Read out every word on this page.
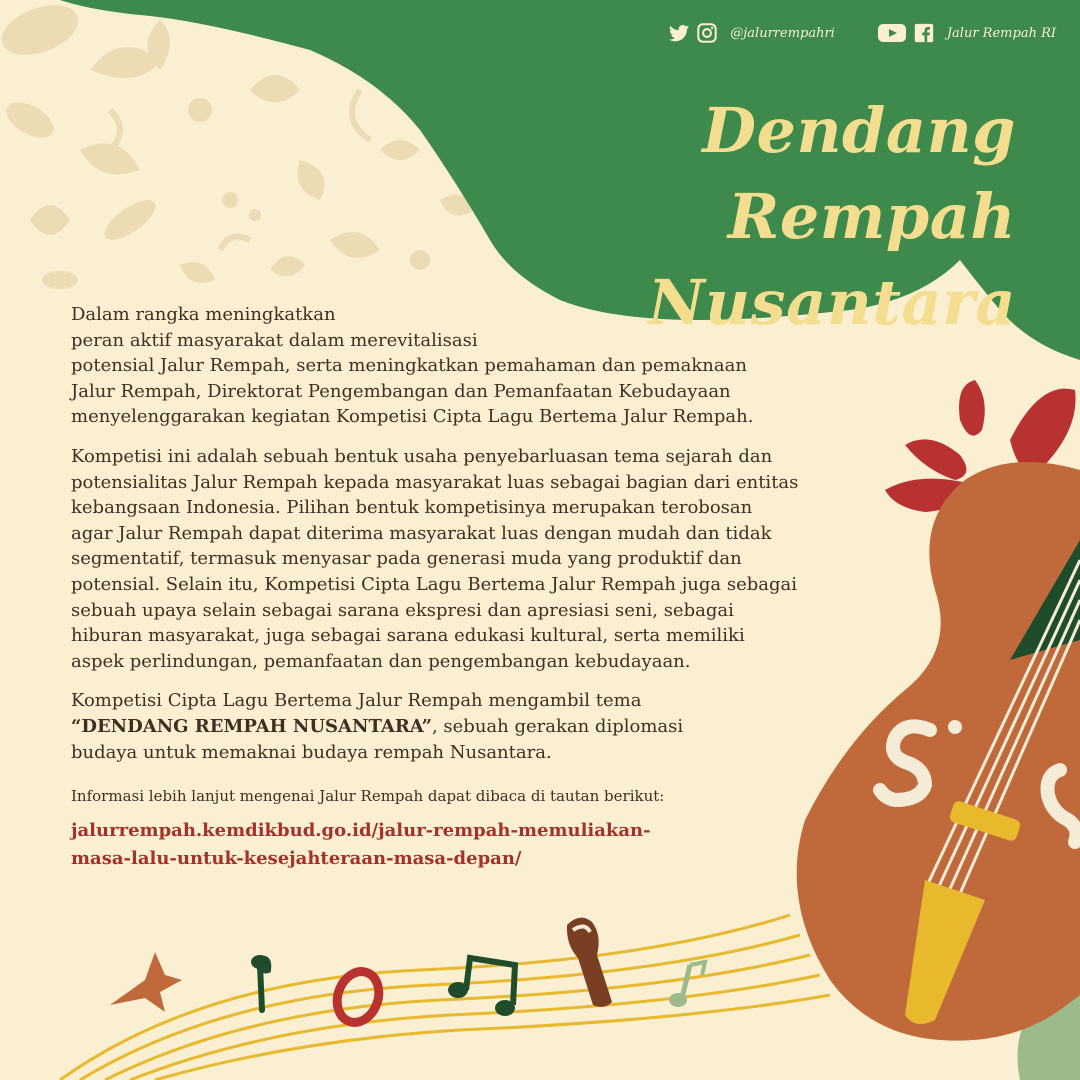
@jalurrempahri	Jalur Rempah RI
Dendang Rempah
Nusantara

Dalam rangka meningkatkan
peran aktif masyarakat dalam merevitalisasi
potensial Jalur Rempah, serta meningkatkan pemahaman dan pemaknaan
Jalur Rempah, Direktorat Pengembangan dan Pemanfaatan Kebudayaan
menyelenggarakan kegiatan Kompetisi Cipta Lagu Bertema Jalur Rempah.

Kompetisi ini adalah sebuah bentuk usaha penyebarluasan tema sejarah dan
potensialitas Jalur Rempah kepada masyarakat luas sebagai bagian dari entitas
kebangsaan Indonesia. Pilihan bentuk kompetisinya merupakan terobosan
agar Jalur Rempah dapat diterima masyarakat luas dengan mudah dan tidak
segmentatif, termasuk menyasar pada generasi muda yang produktif dan
potensial. Selain itu, Kompetisi Cipta Lagu Bertema Jalur Rempah juga sebagai
sebuah upaya selain sebagai sarana ekspresi dan apresiasi seni, sebagai
hiburan masyarakat, juga sebagai sarana edukasi kultural, serta memiliki
aspek perlindungan, pemanfaatan dan pengembangan kebudayaan.

Kompetisi Cipta Lagu Bertema Jalur Rempah mengambil tema
“DENDANG REMPAH NUSANTARA”, sebuah gerakan diplomasi
budaya untuk memaknai budaya rempah Nusantara.

Informasi lebih lanjut mengenai Jalur Rempah dapat dibaca di tautan berikut:
jalurrempah.kemdikbud.go.id/jalur-rempah-memuliakan-
masa-lalu-untuk-kesejahteraan-masa-depan/
